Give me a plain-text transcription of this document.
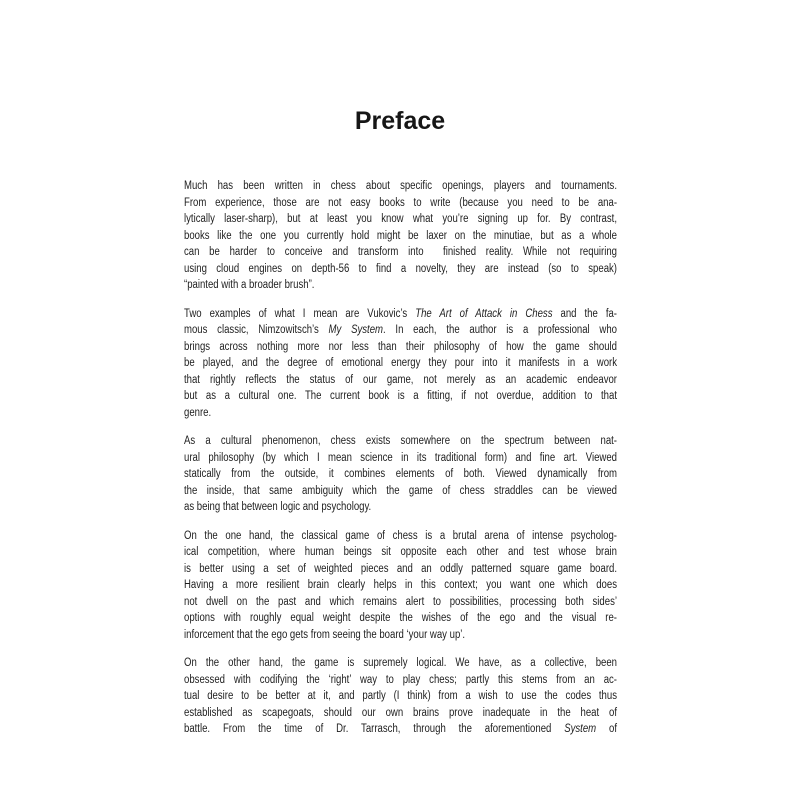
Preface
Much has been written in chess about specific openings, players and tournaments.
From experience, those are not easy books to write (because you need to be ana-
lytically laser-sharp), but at least you know what you’re signing up for. By contrast,
books like the one you currently hold might be laxer on the minutiae, but as a whole
can be harder to conceive and transform into  finished reality. While not requiring
using cloud engines on depth-56 to find a novelty, they are instead (so to speak)
“painted with a broader brush”.
Two examples of what I mean are Vukovic’s The Art of Attack in Chess and the fa-
mous classic, Nimzowitsch’s My System. In each, the author is a professional who
brings across nothing more nor less than their philosophy of how the game should
be played, and the degree of emotional energy they pour into it manifests in a work
that rightly reflects the status of our game, not merely as an academic endeavor
but as a cultural one. The current book is a fitting, if not overdue, addition to that
genre.
As a cultural phenomenon, chess exists somewhere on the spectrum between nat-
ural philosophy (by which I mean science in its traditional form) and fine art. Viewed
statically from the outside, it combines elements of both. Viewed dynamically from
the inside, that same ambiguity which the game of chess straddles can be viewed
as being that between logic and psychology.
On the one hand, the classical game of chess is a brutal arena of intense psycholog-
ical competition, where human beings sit opposite each other and test whose brain
is better using a set of weighted pieces and an oddly patterned square game board.
Having a more resilient brain clearly helps in this context; you want one which does
not dwell on the past and which remains alert to possibilities, processing both sides’
options with roughly equal weight despite the wishes of the ego and the visual re-
inforcement that the ego gets from seeing the board ‘your way up’.
On the other hand, the game is supremely logical. We have, as a collective, been
obsessed with codifying the ‘right’ way to play chess; partly this stems from an ac-
tual desire to be better at it, and partly (I think) from a wish to use the codes thus
established as scapegoats, should our own brains prove inadequate in the heat of
battle. From the time of Dr. Tarrasch, through the aforementioned System of
